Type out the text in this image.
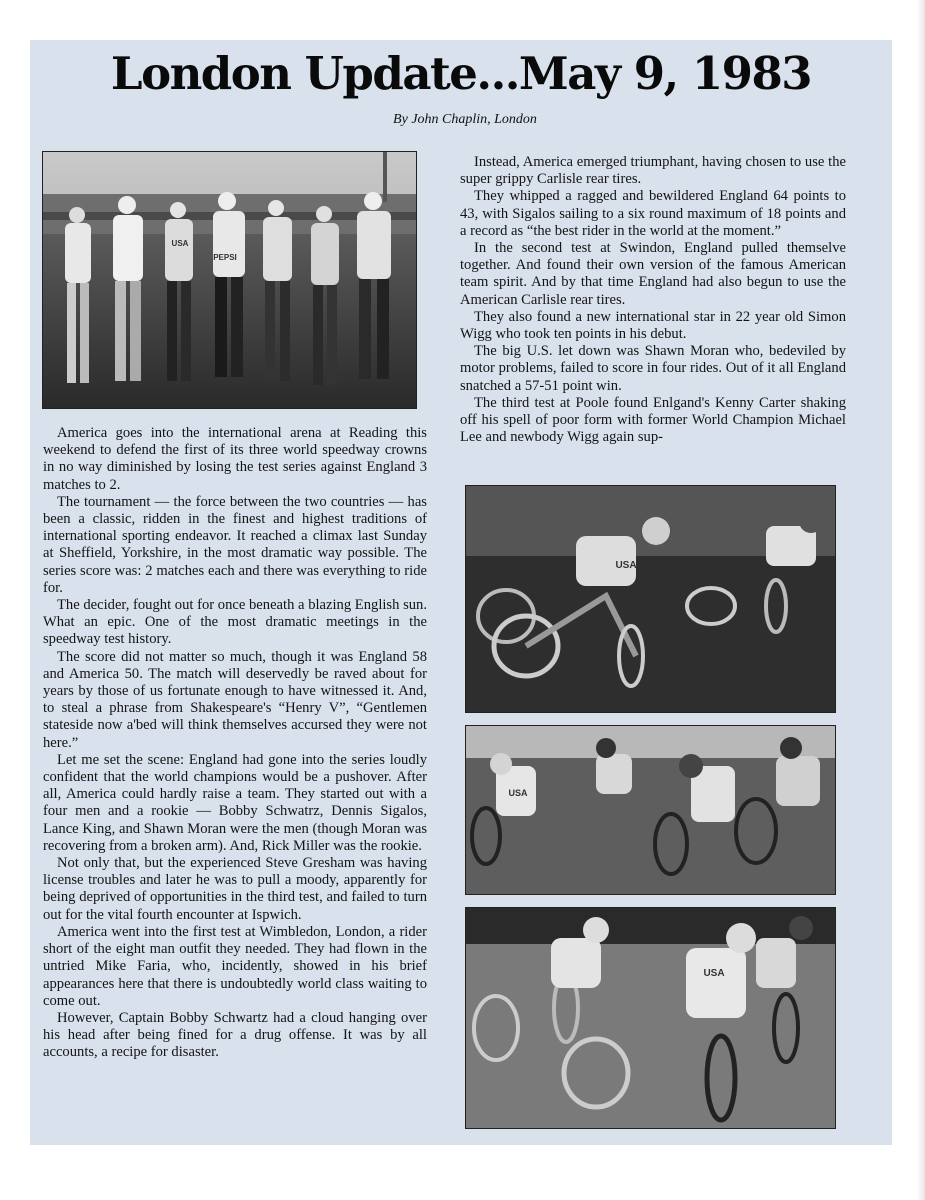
London Update...May 9, 1983
By John Chaplin, London
PEPSI
USA
USA
USA
USA

America goes into the international arena at Reading this weekend to defend the first of its three world speedway crowns in no way diminished by losing the test series against England 3 matches to 2.

The tournament — the force between the two countries — has been a classic, ridden in the finest and highest traditions of international sporting endeavor. It reached a climax last Sunday at Sheffield, Yorkshire, in the most dramatic way possible. The series score was: 2 matches each and there was everything to ride for.

The decider, fought out for once beneath a blazing English sun. What an epic. One of the most dramatic meetings in the speedway test history.

The score did not matter so much, though it was England 58 and America 50. The match will deservedly be raved about for years by those of us fortunate enough to have witnessed it. And, to steal a phrase from Shakespeare's “Henry V”, “Gentlemen stateside now a'bed will think themselves accursed they were not here.”

Let me set the scene: England had gone into the series loudly confident that the world champions would be a pushover. After all, America could hardly raise a team. They started out with a four men and a rookie — Bobby Schwatrz, Dennis Sigalos, Lance King, and Shawn Moran were the men (though Moran was recovering from a broken arm). And, Rick Miller was the rookie.

Not only that, but the experienced Steve Gresham was having license troubles and later he was to pull a moody, apparently for being deprived of opportunities in the third test, and failed to turn out for the vital fourth encounter at Ispwich.

America went into the first test at Wimbledon, London, a rider short of the eight man outfit they needed. They had flown in the untried Mike Faria, who, incidently, showed in his brief appearances here that there is undoubtedly world class waiting to come out.

However, Captain Bobby Schwartz had a cloud hanging over his head after being fined for a drug offense. It was by all accounts, a recipe for disaster.

Instead, America emerged triumphant, having chosen to use the super grippy Carlisle rear tires.

They whipped a ragged and bewildered England 64 points to 43, with Sigalos sailing to a six round maximum of 18 points and a record as “the best rider in the world at the moment.”

In the second test at Swindon, England pulled themselve together. And found their own version of the famous American team spirit. And by that time England had also begun to use the American Carlisle rear tires.

They also found a new international star in 22 year old Simon Wigg who took ten points in his debut.

The big U.S. let down was Shawn Moran who, bedeviled by motor problems, failed to score in four rides. Out of it all England snatched a 57-51 point win.

The third test at Poole found Enlgand's Kenny Carter shaking off his spell of poor form with former World Champion Michael Lee and newbody Wigg again sup-
